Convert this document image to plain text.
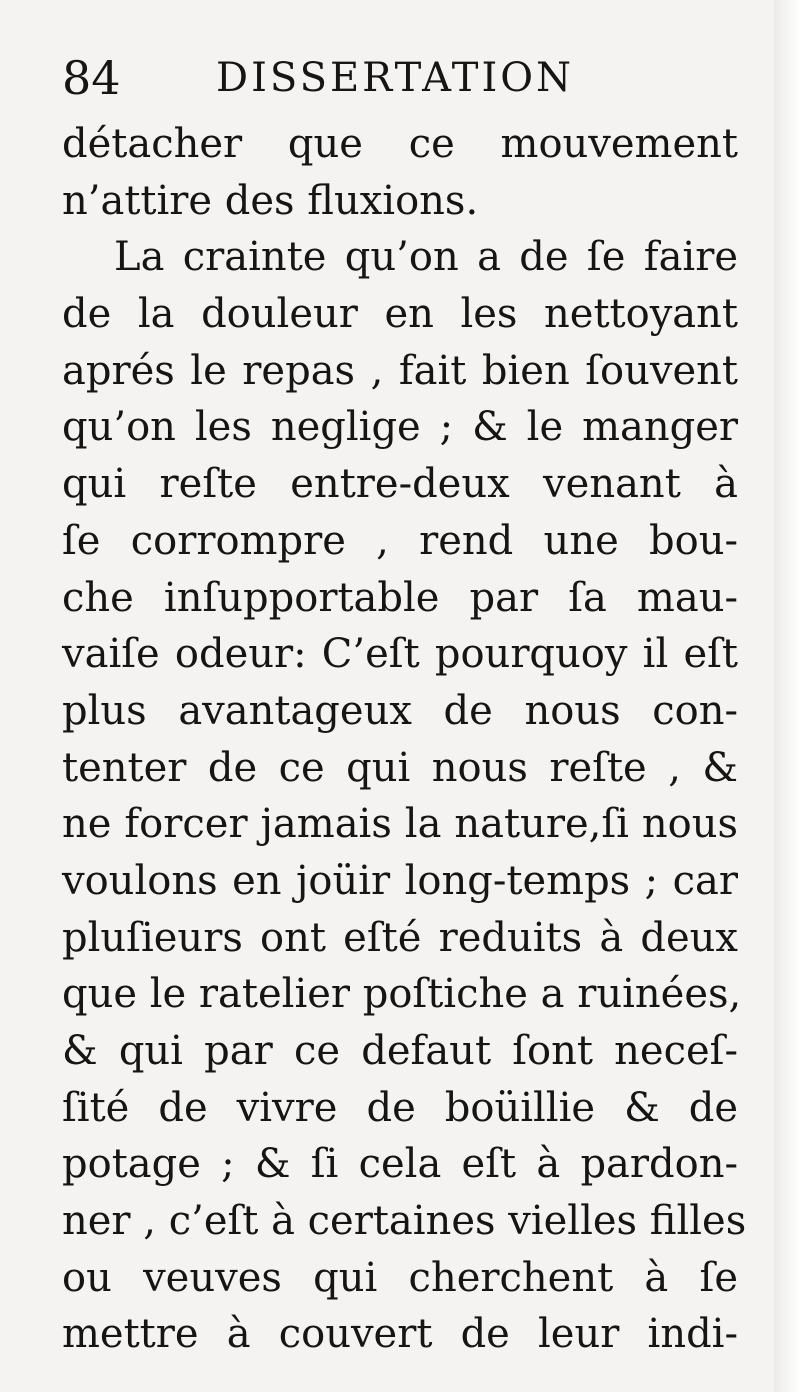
84 DISSERTATION
détacher que ce mouvement
n’attire des fluxions.
La crainte qu’on a de ſe faire
de la douleur en les nettoyant
aprés le repas , fait bien ſouvent
qu’on les neglige ; & le manger
qui reſte entre-deux venant à
ſe corrompre , rend une bou-
che inſupportable par ſa mau-
vaiſe odeur: C’eſt pourquoy il eſt
plus avantageux de nous con-
tenter de ce qui nous reſte , &
ne forcer jamais la nature,ſi nous
voulons en joüir long-temps ; car
pluſieurs ont eſté reduits à deux
que le ratelier poſtiche a ruinées,
& qui par ce defaut ſont neceſ-
ſité de vivre de boüillie & de
potage ; & ſi cela eſt à pardon-
ner , c’eſt à certaines vielles filles
ou veuves qui cherchent à ſe
mettre à couvert de leur indi-
